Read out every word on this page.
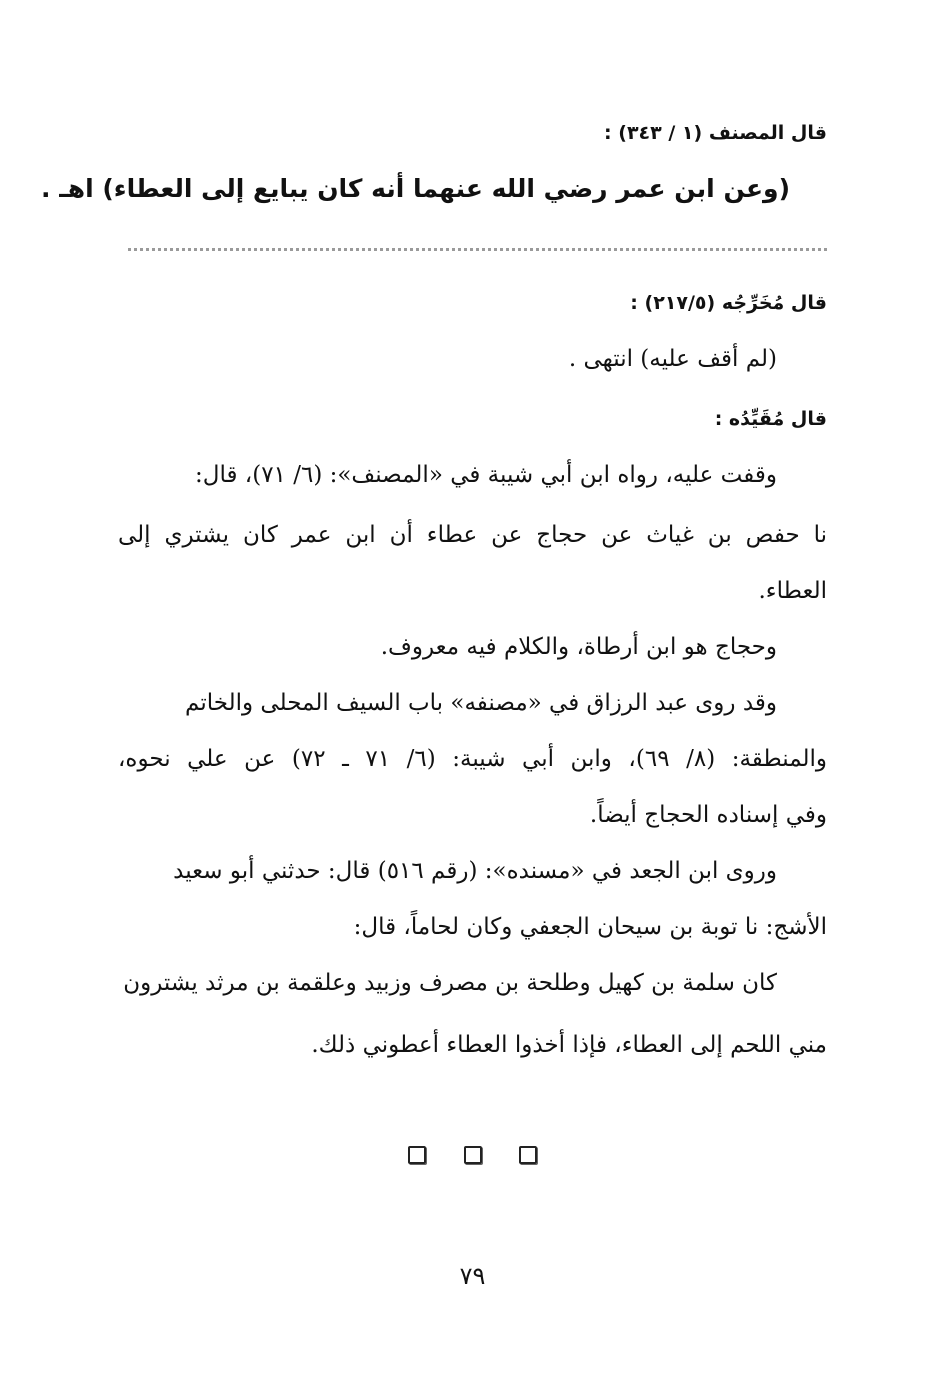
قال المصنف (١ / ٣٤٣) :
(وعن ابن عمر رضي الله عنهما أنه كان يبايع إلى العطاء) اهـ .
قال مُخَرِّجُه (٢١٧/٥) :
(لم أقف عليه) انتهى .
قال مُقَيِّدُه :
وقفت عليه، رواه ابن أبي شيبة في «المصنف»: (٦/ ٧١)، قال:
نا حفص بن غياث عن حجاج عن عطاء أن ابن عمر كان يشتري إلى
العطاء.
وحجاج هو ابن أرطاة، والكلام فيه معروف.
وقد روى عبد الرزاق في «مصنفه» باب السيف المحلى والخاتم
والمنطقة: (٨/ ٦٩)، وابن أبي شيبة: (٦/ ٧١ ـ ٧٢) عن علي نحوه،
وفي إسناده الحجاج أيضاً.
وروى ابن الجعد في «مسنده»: (رقم ٥١٦) قال: حدثني أبو سعيد
الأشج: نا توبة بن سيحان الجعفي وكان لحاماً، قال:
كان سلمة بن كهيل وطلحة بن مصرف وزبيد وعلقمة بن مرثد يشترون
مني اللحم إلى العطاء، فإذا أخذوا العطاء أعطوني ذلك.

٧٩
